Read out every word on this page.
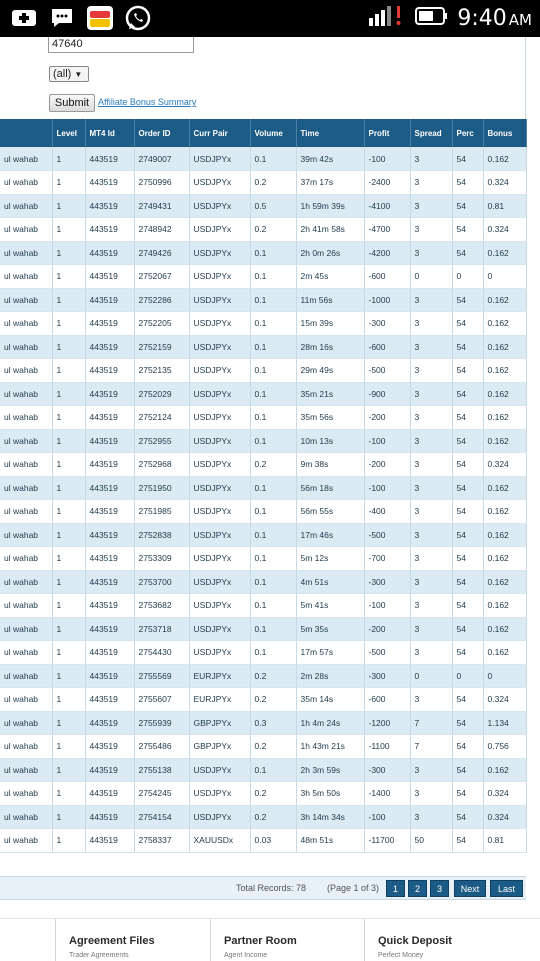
9:40 AM
47640
(all) ▼
Submit Affiliate Bonus Summary
	Level	MT4 Id	Order ID	Curr Pair	Volume	Time	Profit	Spread	Perc	Bonus
ul wahab	1	443519	2749007	USDJPYx	0.1	39m 42s	-100	3	54	0.162
ul wahab	1	443519	2750996	USDJPYx	0.2	37m 17s	-2400	3	54	0.324
ul wahab	1	443519	2749431	USDJPYx	0.5	1h 59m 39s	-4100	3	54	0.81
ul wahab	1	443519	2748942	USDJPYx	0.2	2h 41m 58s	-4700	3	54	0.324
ul wahab	1	443519	2749426	USDJPYx	0.1	2h 0m 26s	-4200	3	54	0.162
ul wahab	1	443519	2752067	USDJPYx	0.1	2m 45s	-600	0	0	0
ul wahab	1	443519	2752286	USDJPYx	0.1	11m 56s	-1000	3	54	0.162
ul wahab	1	443519	2752205	USDJPYx	0.1	15m 39s	-300	3	54	0.162
ul wahab	1	443519	2752159	USDJPYx	0.1	28m 16s	-600	3	54	0.162
ul wahab	1	443519	2752135	USDJPYx	0.1	29m 49s	-500	3	54	0.162
ul wahab	1	443519	2752029	USDJPYx	0.1	35m 21s	-900	3	54	0.162
ul wahab	1	443519	2752124	USDJPYx	0.1	35m 56s	-200	3	54	0.162
ul wahab	1	443519	2752955	USDJPYx	0.1	10m 13s	-100	3	54	0.162
ul wahab	1	443519	2752968	USDJPYx	0.2	9m 38s	-200	3	54	0.324
ul wahab	1	443519	2751950	USDJPYx	0.1	56m 18s	-100	3	54	0.162
ul wahab	1	443519	2751985	USDJPYx	0.1	56m 55s	-400	3	54	0.162
ul wahab	1	443519	2752838	USDJPYx	0.1	17m 46s	-500	3	54	0.162
ul wahab	1	443519	2753309	USDJPYx	0.1	5m 12s	-700	3	54	0.162
ul wahab	1	443519	2753700	USDJPYx	0.1	4m 51s	-300	3	54	0.162
ul wahab	1	443519	2753682	USDJPYx	0.1	5m 41s	-100	3	54	0.162
ul wahab	1	443519	2753718	USDJPYx	0.1	5m 35s	-200	3	54	0.162
ul wahab	1	443519	2754430	USDJPYx	0.1	17m 57s	-500	3	54	0.162
ul wahab	1	443519	2755569	EURJPYx	0.2	2m 28s	-300	0	0	0
ul wahab	1	443519	2755607	EURJPYx	0.2	35m 14s	-600	3	54	0.324
ul wahab	1	443519	2755939	GBPJPYx	0.3	1h 4m 24s	-1200	7	54	1.134
ul wahab	1	443519	2755486	GBPJPYx	0.2	1h 43m 21s	-1100	7	54	0.756
ul wahab	1	443519	2755138	USDJPYx	0.1	2h 3m 59s	-300	3	54	0.162
ul wahab	1	443519	2754245	USDJPYx	0.2	3h 5m 50s	-1400	3	54	0.324
ul wahab	1	443519	2754154	USDJPYx	0.2	3h 14m 34s	-100	3	54	0.324
ul wahab	1	443519	2758337	XAUUSDx	0.03	48m 51s	-11700	50	54	0.81
Total Records: 78 (Page 1 of 3)	1	2	3	Next	Last
Agreement Files
Trader Agreements
Partner Room
Agent Income
Quick Deposit
Perfect Money
